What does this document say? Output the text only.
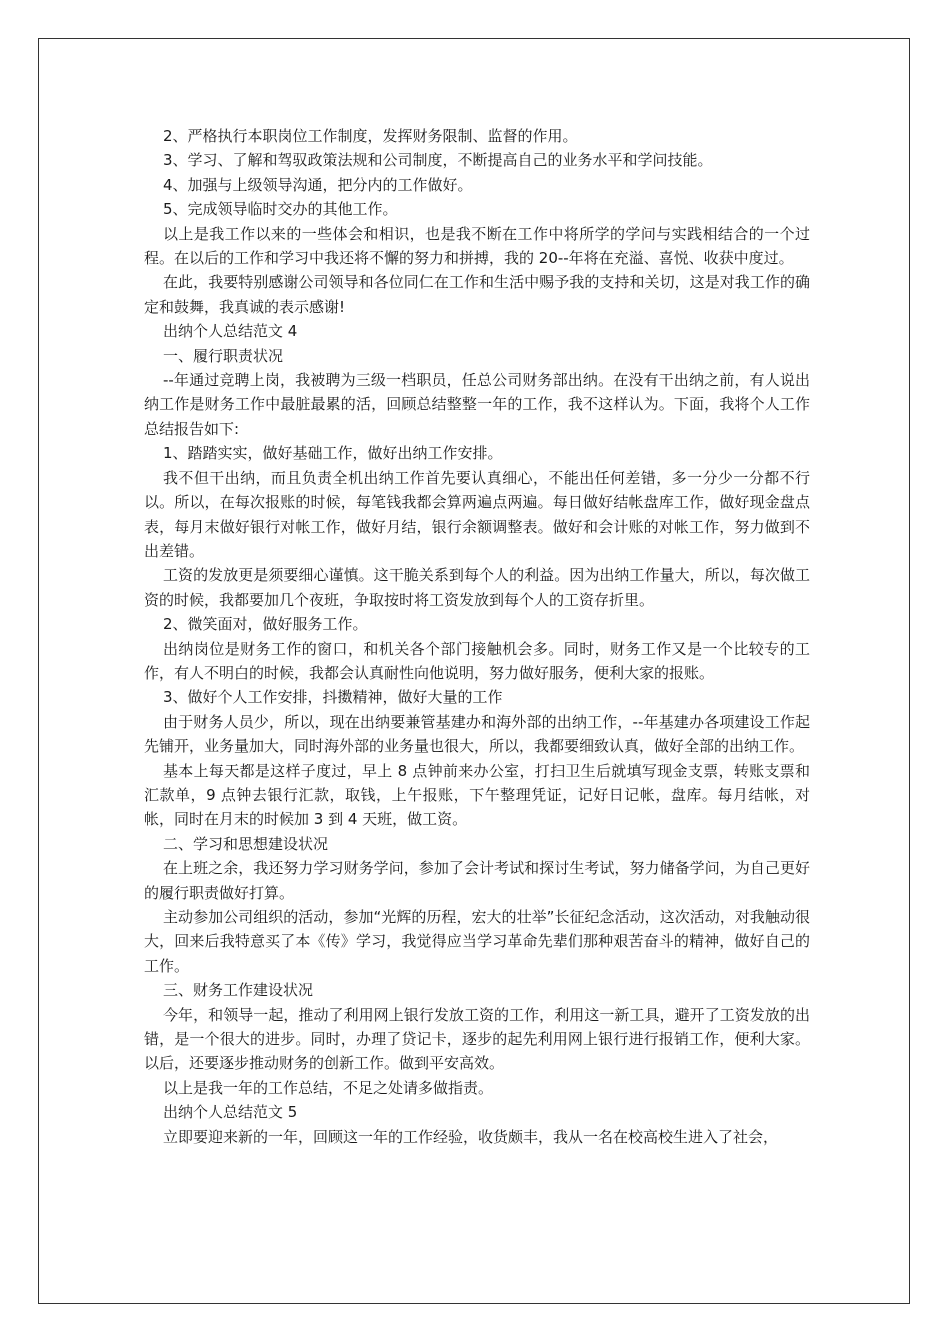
2、严格执行本职岗位工作制度，发挥财务限制、监督的作用。

3、学习、了解和驾驭政策法规和公司制度，不断提高自己的业务水平和学问技能。

4、加强与上级领导沟通，把分内的工作做好。

5、完成领导临时交办的其他工作。

以上是我工作以来的一些体会和相识，也是我不断在工作中将所学的学问与实践相结合的一个过程。在以后的工作和学习中我还将不懈的努力和拼搏，我的 20--年将在充溢、喜悦、收获中度过。

在此，我要特别感谢公司领导和各位同仁在工作和生活中赐予我的支持和关切，这是对我工作的确定和鼓舞，我真诚的表示感谢!

出纳个人总结范文 4

一、履行职责状况

--年通过竞聘上岗，我被聘为三级一档职员，任总公司财务部出纳。在没有干出纳之前，有人说出纳工作是财务工作中最脏最累的活，回顾总结整整一年的工作，我不这样认为。下面，我将个人工作总结报告如下:

1、踏踏实实，做好基础工作，做好出纳工作安排。

我不但干出纳，而且负责全机出纳工作首先要认真细心，不能出任何差错，多一分少一分都不行以。所以，在每次报账的时候，每笔钱我都会算两遍点两遍。每日做好结帐盘库工作，做好现金盘点表，每月末做好银行对帐工作，做好月结，银行余额调整表。做好和会计账的对帐工作，努力做到不出差错。

工资的发放更是须要细心谨慎。这干脆关系到每个人的利益。因为出纳工作量大，所以，每次做工资的时候，我都要加几个夜班，争取按时将工资发放到每个人的工资存折里。

2、微笑面对，做好服务工作。

出纳岗位是财务工作的窗口，和机关各个部门接触机会多。同时，财务工作又是一个比较专的工作，有人不明白的时候，我都会认真耐性向他说明，努力做好服务，便利大家的报账。

3、做好个人工作安排，抖擞精神，做好大量的工作

由于财务人员少，所以，现在出纳要兼管基建办和海外部的出纳工作，--年基建办各项建设工作起先铺开，业务量加大，同时海外部的业务量也很大，所以，我都要细致认真，做好全部的出纳工作。

基本上每天都是这样子度过，早上 8 点钟前来办公室，打扫卫生后就填写现金支票，转账支票和汇款单，9 点钟去银行汇款，取钱，上午报账，下午整理凭证，记好日记帐，盘库。每月结帐，对帐，同时在月末的时候加 3 到 4 天班，做工资。

二、学习和思想建设状况

在上班之余，我还努力学习财务学问，参加了会计考试和探讨生考试，努力储备学问，为自己更好的履行职责做好打算。

主动参加公司组织的活动，参加“光辉的历程，宏大的壮举”长征纪念活动，这次活动，对我触动很大，回来后我特意买了本《传》学习，我觉得应当学习革命先辈们那种艰苦奋斗的精神，做好自己的工作。

三、财务工作建设状况

今年，和领导一起，推动了利用网上银行发放工资的工作，利用这一新工具，避开了工资发放的出错，是一个很大的进步。同时，办理了贷记卡，逐步的起先利用网上银行进行报销工作，便利大家。以后，还要逐步推动财务的创新工作。做到平安高效。

以上是我一年的工作总结，不足之处请多做指责。

出纳个人总结范文 5

立即要迎来新的一年，回顾这一年的工作经验，收货颇丰，我从一名在校高校生进入了社会，
